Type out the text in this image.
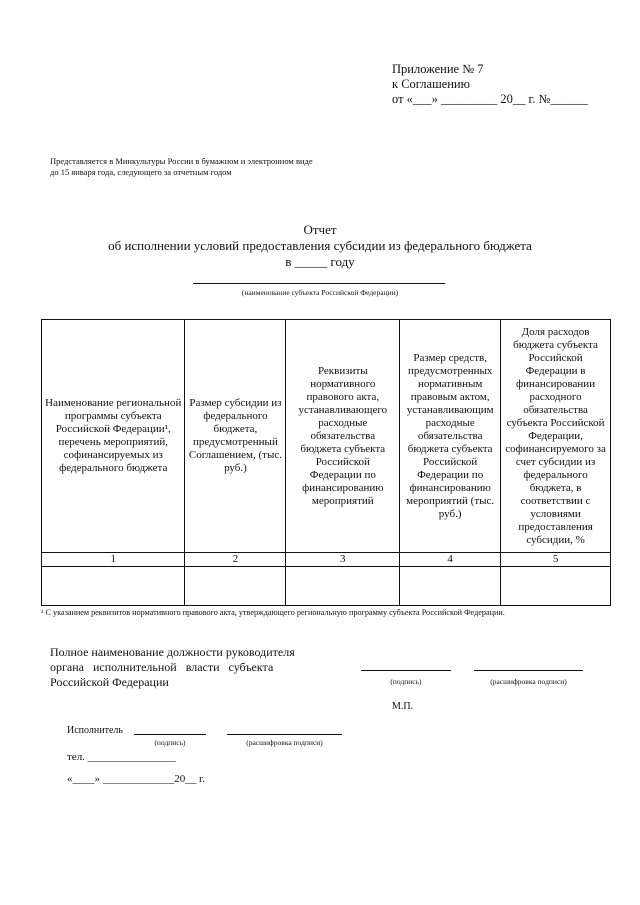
Приложение № 7
к Соглашению
от «___» _________ 20__ г. №______
Представляется в Минкультуры России в бумажном и электронном виде
до 15 января года, следующего за отчетным годом
Отчет
об исполнении условий предоставления субсидии из федерального бюджета
в _____ году
(наименование субъекта Российской Федерации)
Наименование региональной программы субъекта Российской Федерации¹, перечень мероприятий, софинансируемых из федерального бюджета	Размер субсидии из федерального бюджета, предусмотренный Соглашением, (тыс. руб.)	Реквизиты нормативного правового акта, устанавливающего расходные обязательства бюджета субъекта Российской Федерации по финансированию мероприятий	Размер средств, предусмотренных нормативным правовым актом, устанавливающим расходные обязательства бюджета субъекта Российской Федерации по финансированию мероприятий (тыс. руб.)	Доля расходов бюджета субъекта Российской Федерации в финансировании расходного обязательства субъекта Российской Федерации, софинансируемого за счет субсидии из федерального бюджета, в соответствии с условиями предоставления субсидии, %
1	2	3	4	5

¹ С указанием реквизитов нормативного правового акта, утверждающего региональную программу субъекта Российской Федерации.
Полное наименование должности руководителя
органа   исполнительной   власти   субъекта
Российской Федерации	(подпись)	(расшифровка подписи)
М.П.
Исполнитель
(подпись)	(расшифровка подписи)
тел. ________________
«____» _____________20__ г.
